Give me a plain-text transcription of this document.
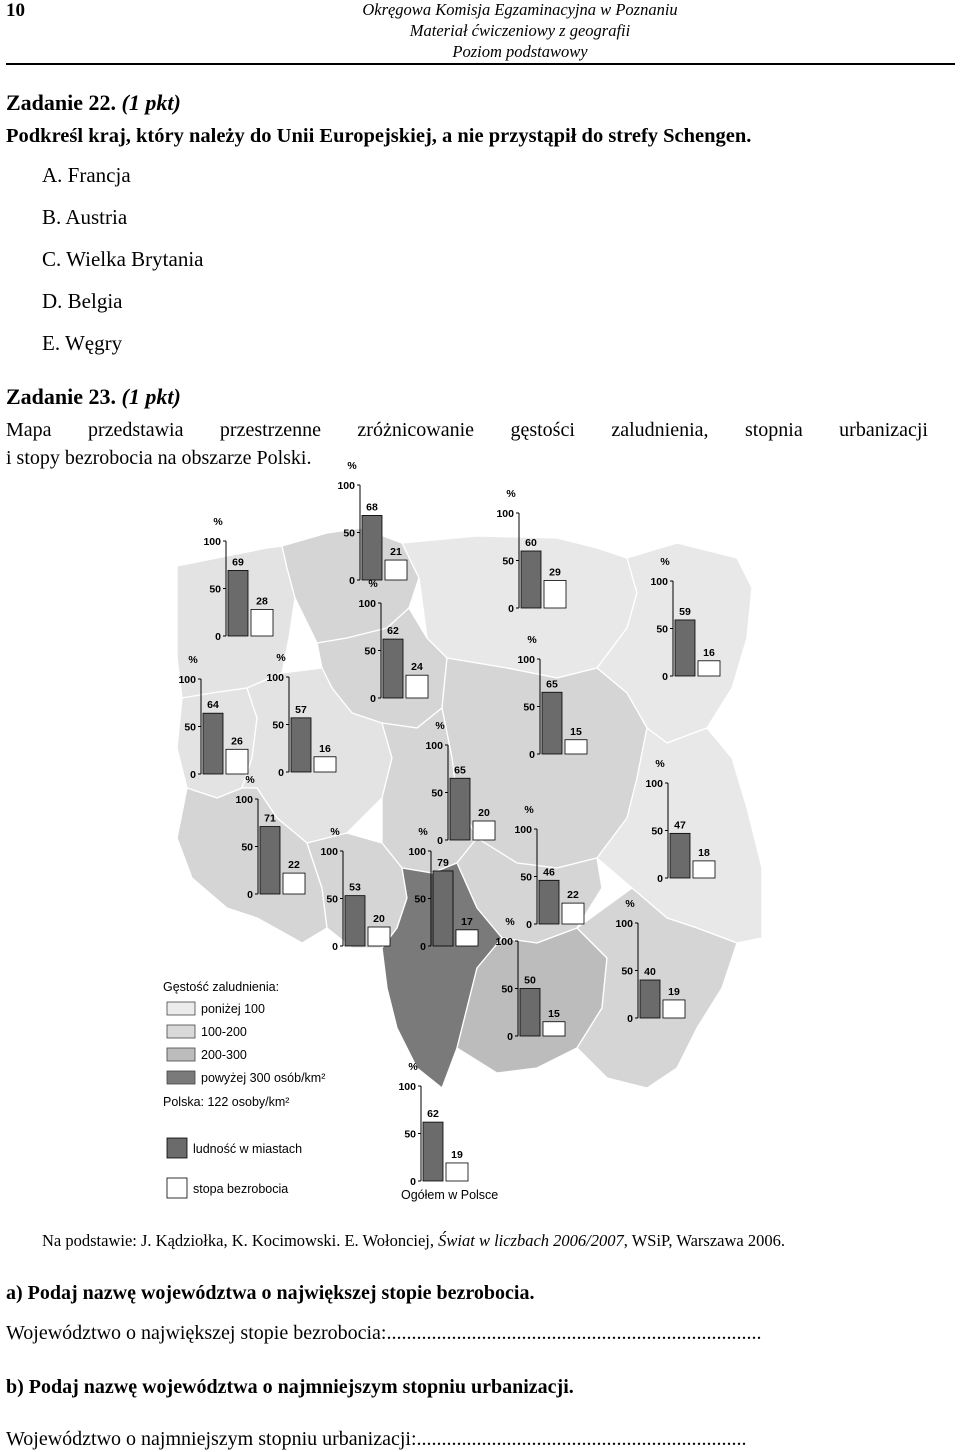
10	Okręgowa Komisja Egzaminacyjna w Poznaniu
Materiał ćwiczeniowy z geografii
Poziom podstawowy
Zadanie 22. (1 pkt)
Podkreśl kraj, który należy do Unii Europejskiej, a nie przystąpił do strefy Schengen.
A. Francja
B. Austria
C. Wielka Brytania
D. Belgia
E. Węgry
Zadanie 23. (1 pkt)
Mapa przedstawia przestrzenne zróżnicowanie gęstości zaludnienia, stopnia urbanizacji
i stopy bezrobocia na obszarze Polski.
Gęstość zaludnienia:
poniżej 100
100-200
200-300
powyżej 300 osób/km²
Polska: 122 osoby/km²
ludność w miastach
stopa bezrobocia	Ogółem w Polsce
%
100
50
0
69
28
%
100
50
0
68
21
%
100
50
0
60
29
%
100
50
0
62
24
%
100
50
0
59
16
%
100
50
0
64
26
%
100
50
0
57
16
%
100
50
0
65
15
%
100
50
0
65
20
%
100
50
0
71
22
%
100
50
0
47
18
%
100
50
0
53
20
%
100
50
0
79
17
%
100
50
0
46
22
%
100
50
0
50
15
%
100
50
0
40
19
%
100
50
0
62
19
Na podstawie: J. Kądziołka, K. Kocimowski. E. Wołonciej, Świat w liczbach 2006/2007, WSiP, Warszawa 2006.
a) Podaj nazwę województwa o największej stopie bezrobocia.
Województwo o największej stopie bezrobocia:...........................................................................
b) Podaj nazwę województwa o najmniejszym stopniu urbanizacji.
Województwo o najmniejszym stopniu urbanizacji:..................................................................
